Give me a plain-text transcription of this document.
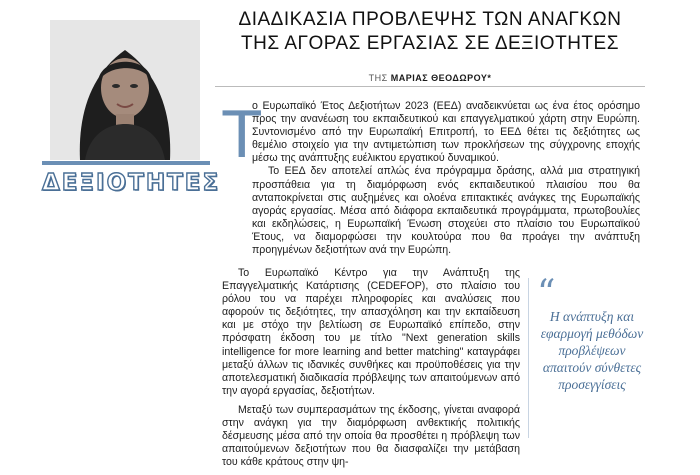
ΔΕΞΙΟΤΗΤΕΣ
ΔΙΑΔΙΚΑΣΙΑ ΠΡΟΒΛΕΨΗΣ ΤΩΝ ΑΝΑΓΚΩΝ
ΤΗΣ ΑΓΟΡΑΣ ΕΡΓΑΣΙΑΣ ΣΕ ΔΕΞΙΟΤΗΤΕΣ
ΤΗΣ ΜΑΡΙΑΣ ΘΕΟΔΩΡΟΥ*
Τ

ο Ευρωπαϊκό Έτος Δεξιοτήτων 2023 (ΕΕΔ) αναδεικνύεται ως ένα έτος ορόσημο προς την ανανέωση του εκπαιδευτικού και επαγγελματικού χάρτη στην Ευρώπη. Συντονισμένο από την Ευρωπαϊκή Επιτροπή, το ΕΕΔ θέτει τις δεξιότητες ως θεμέλιο στοιχείο για την αντιμετώπιση των προκλήσεων της σύγχρονης εποχής μέσω της ανάπτυξης ευέλικτου εργατικού δυναμικού.

Το ΕΕΔ δεν αποτελεί απλώς ένα πρόγραμμα δράσης, αλλά μια στρατηγική προσπάθεια για τη διαμόρφωση ενός εκπαιδευτικού πλαισίου που θα ανταποκρίνεται στις αυξημένες και ολοένα επιτακτικές ανάγκες της Ευρωπαϊκής αγοράς εργασίας. Μέσα από διάφορα εκπαιδευτικά προγράμματα, πρωτοβουλίες και εκδηλώσεις, η Ευρωπαϊκή Ένωση στοχεύει στο πλαίσιο του Ευρωπαϊκού Έτους, να διαμορφώσει την κουλτούρα που θα προάγει την ανάπτυξη προηγμένων δεξιοτήτων ανά την Ευρώπη.

Το Ευρωπαϊκό Κέντρο για την Ανάπτυξη της Επαγγελματικής Κατάρτισης (CEDEFOP), στο πλαίσιο του ρόλου του να παρέχει πληροφορίες και αναλύσεις που αφορούν τις δεξιότητες, την απασχόληση και την εκπαίδευση και με στόχο την βελτίωση σε Ευρωπαϊκό επίπεδο, στην πρόσφατη έκδοση του με τίτλο "Next generation skills intelligence for more learning and better matching" καταγράφει μεταξύ άλλων τις ιδανικές συνθήκες και προϋποθέσεις για την αποτελεσματική διαδικασία πρόβλεψης των απαιτούμενων από την αγορά εργασίας, δεξιοτήτων.

Μεταξύ των συμπερασμάτων της έκδοσης, γίνεται αναφορά στην ανάγκη για την διαμόρφωση ανθεκτικής πολιτικής δέσμευσης μέσα από την οποία θα προσθέτει η πρόβλεψη των απαιτούμενων δεξιοτήτων που θα διασφαλίζει την μετάβαση του κάθε κράτους στην ψη-

“
Η ανάπτυξη και εφαρμογή μεθόδων προβλέψεων απαιτούν σύνθετες προσεγγίσεις
